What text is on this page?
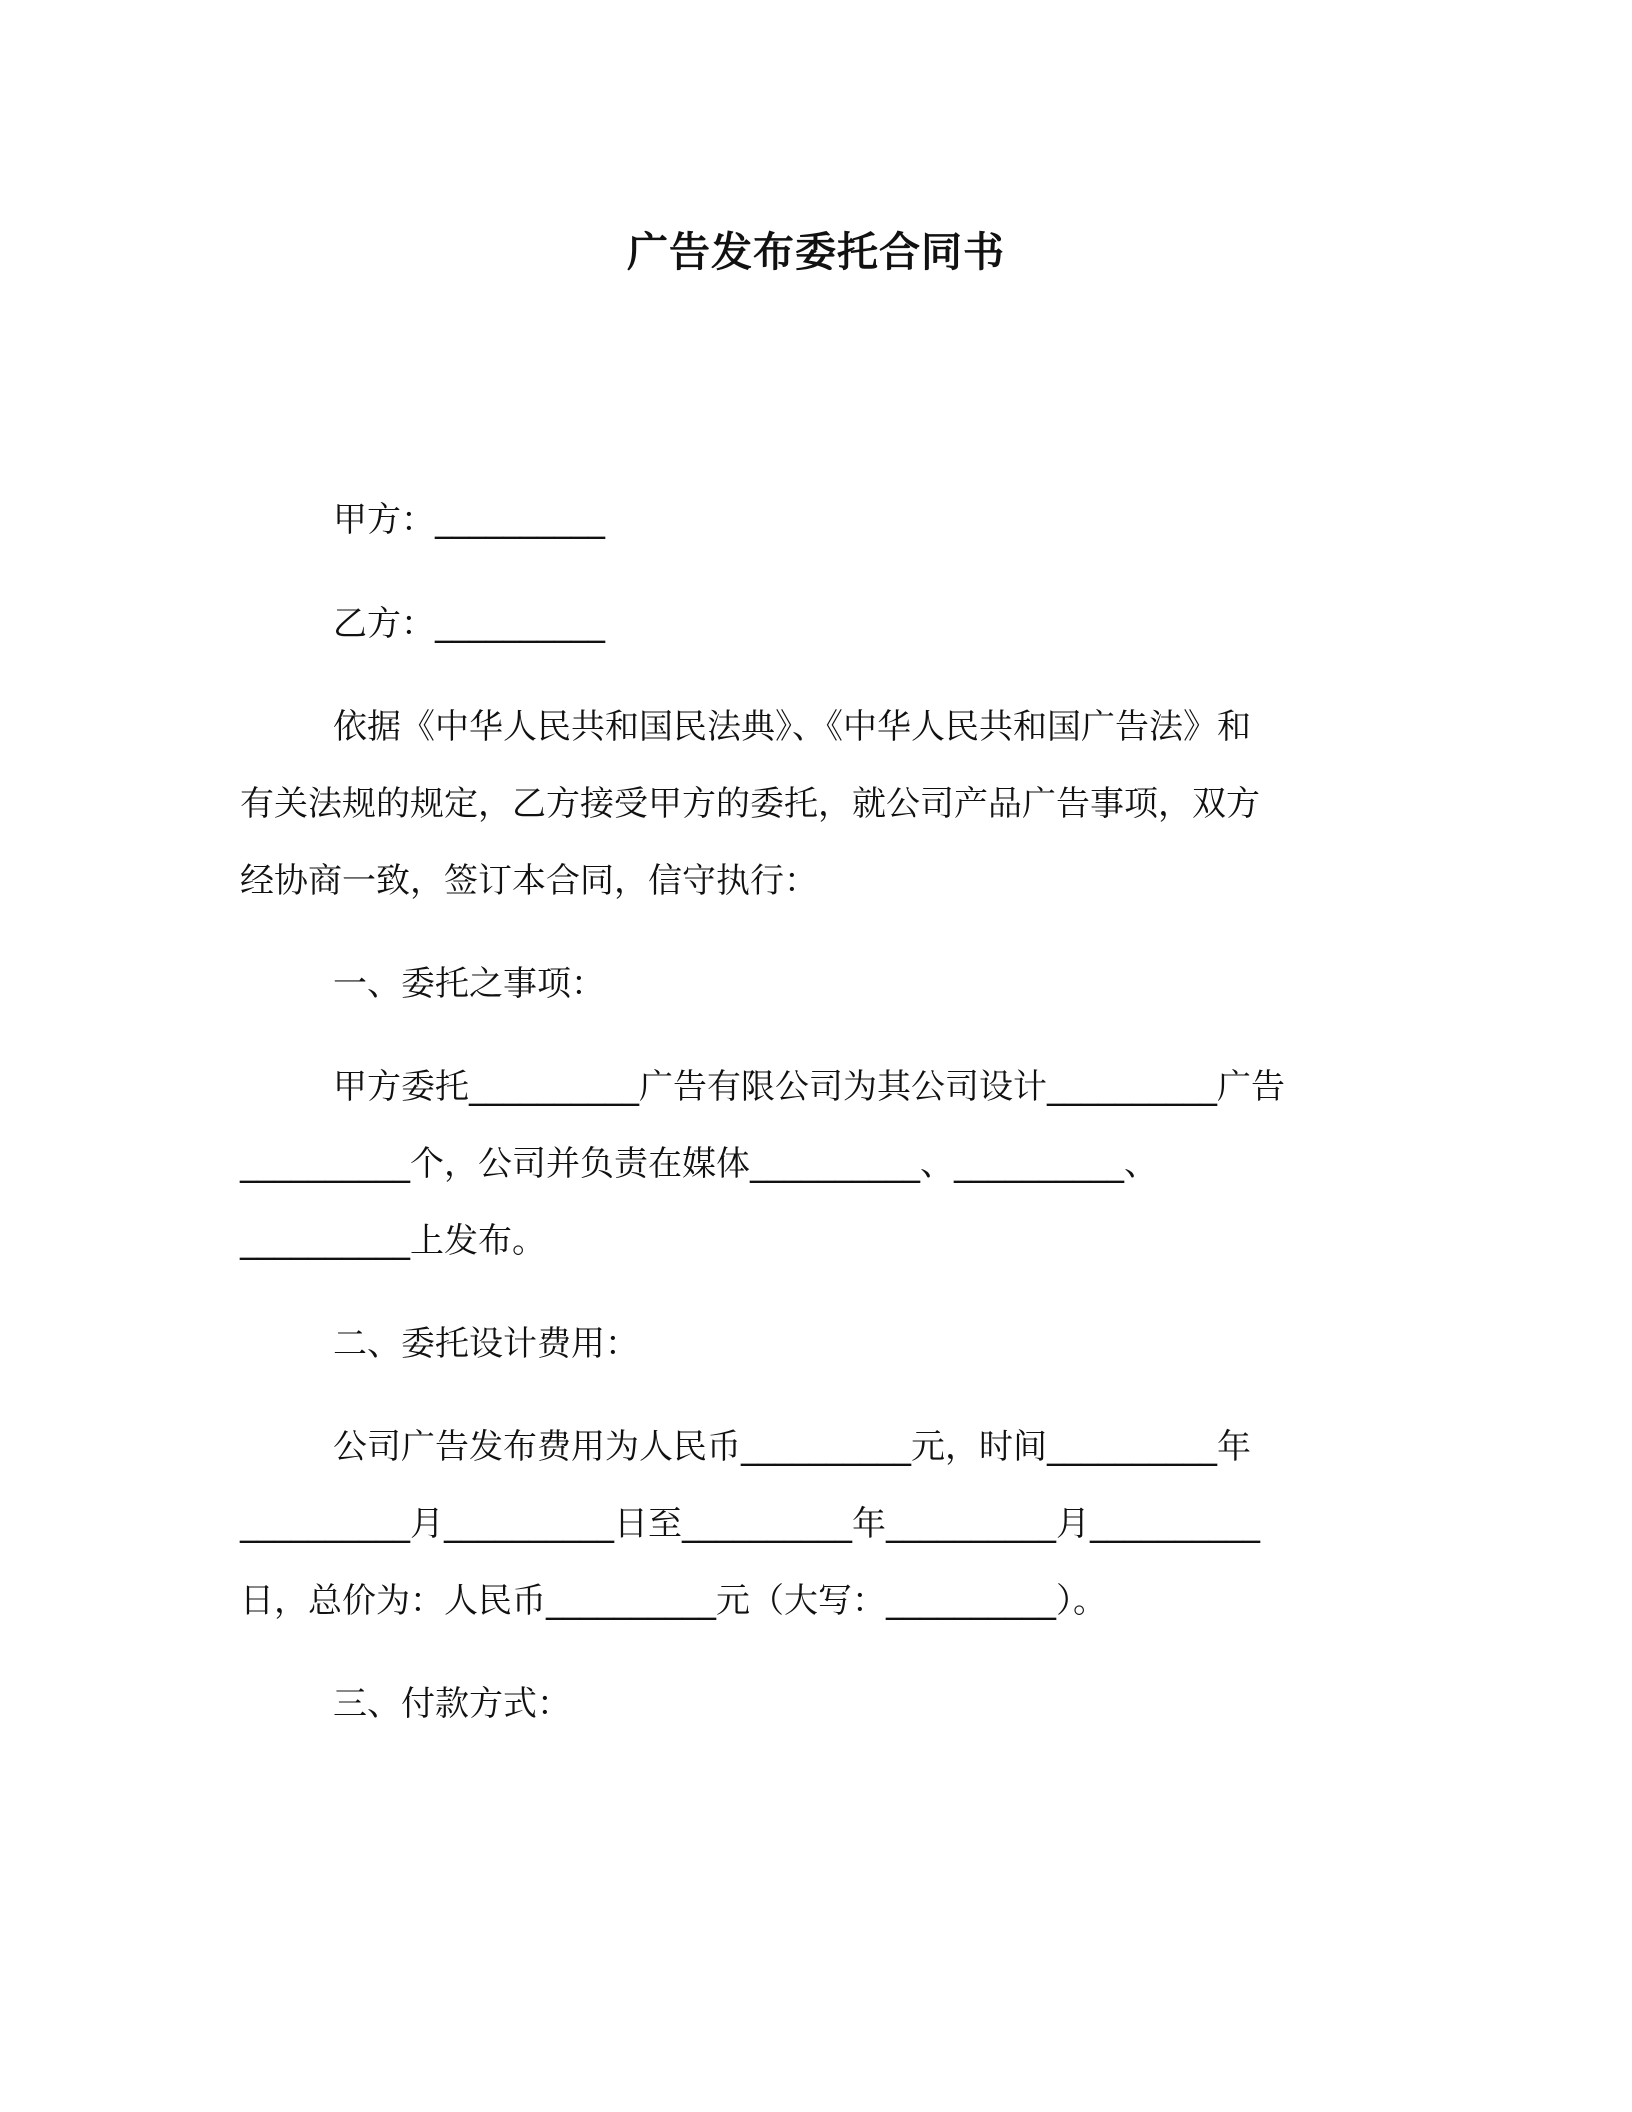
广告发布委托合同书
甲方：__________
乙方：__________
依据《中华人民共和国民法典》、《中华人民共和国广告法》和
有关法规的规定，乙方接受甲方的委托，就公司产品广告事项，双方
经协商一致，签订本合同，信守执行：
一、委托之事项：
甲方委托__________广告有限公司为其公司设计__________广告
__________个，公司并负责在媒体__________、__________、
__________上发布。
二、委托设计费用：
公司广告发布费用为人民币__________元，时间__________年
__________月__________日至__________年__________月__________
日，总价为：人民币__________元（大写：__________）。
三、付款方式：
